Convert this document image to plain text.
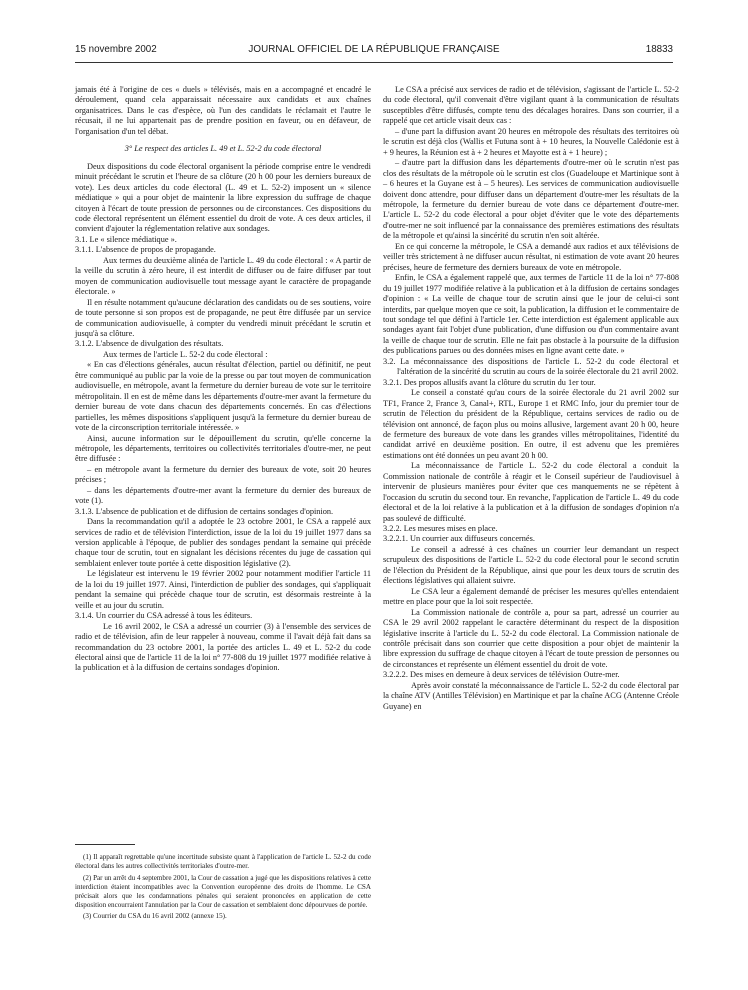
15 novembre 2002	JOURNAL OFFICIEL DE LA RÉPUBLIQUE FRANÇAISE	18833

jamais été à l'origine de ces « duels » télévisés, mais en a accompagné et encadré le déroulement, quand cela apparaissait nécessaire aux candidats et aux chaînes organisatrices. Dans le cas d'espèce, où l'un des candidats le réclamait et l'autre le récusait, il ne lui appartenait pas de prendre position en faveur, ou en défaveur, de l'organisation d'un tel débat.

3° Le respect des articles L. 49 et L. 52-2 du code électoral

Deux dispositions du code électoral organisent la période comprise entre le vendredi minuit précédant le scrutin et l'heure de sa clôture (20 h 00 pour les derniers bureaux de vote). Les deux articles du code électoral (L. 49 et L. 52-2) imposent un « silence médiatique » qui a pour objet de maintenir la libre expression du suffrage de chaque citoyen à l'écart de toute pression de personnes ou de circonstances. Ces dispositions du code électoral représentent un élément essentiel du droit de vote. A ces deux articles, il convient d'ajouter la réglementation relative aux sondages.

3.1. Le « silence médiatique ».

3.1.1. L'absence de propos de propagande.

Aux termes du deuxième alinéa de l'article L. 49 du code électoral : « A partir de la veille du scrutin à zéro heure, il est interdit de diffuser ou de faire diffuser par tout moyen de communication audiovisuelle tout message ayant le caractère de propagande électorale. »

Il en résulte notamment qu'aucune déclaration des candidats ou de ses soutiens, voire de toute personne si son propos est de propagande, ne peut être diffusée par un service de communication audiovisuelle, à compter du vendredi minuit précédant le scrutin et jusqu'à sa clôture.

3.1.2. L'absence de divulgation des résultats.

Aux termes de l'article L. 52-2 du code électoral :

« En cas d'élections générales, aucun résultat d'élection, partiel ou définitif, ne peut être communiqué au public par la voie de la presse ou par tout moyen de communication audiovisuelle, en métropole, avant la fermeture du dernier bureau de vote sur le territoire métropolitain. Il en est de même dans les départements d'outre-mer avant la fermeture du dernier bureau de vote dans chacun des départements concernés. En cas d'élections partielles, les mêmes dispositions s'appliquent jusqu'à la fermeture du dernier bureau de vote de la circonscription territoriale intéressée. »

Ainsi, aucune information sur le dépouillement du scrutin, qu'elle concerne la métropole, les départements, territoires ou collectivités territoriales d'outre-mer, ne peut être diffusée :

– en métropole avant la fermeture du dernier des bureaux de vote, soit 20 heures précises ;

– dans les départements d'outre-mer avant la fermeture du dernier des bureaux de vote (1).

3.1.3. L'absence de publication et de diffusion de certains sondages d'opinion.

Dans la recommandation qu'il a adoptée le 23 octobre 2001, le CSA a rappelé aux services de radio et de télévision l'interdiction, issue de la loi du 19 juillet 1977 dans sa version applicable à l'époque, de publier des sondages pendant la semaine qui précède chaque tour de scrutin, tout en signalant les décisions récentes du juge de cassation qui semblaient enlever toute portée à cette disposition législative (2).

Le législateur est intervenu le 19 février 2002 pour notamment modifier l'article 11 de la loi du 19 juillet 1977. Ainsi, l'interdiction de publier des sondages, qui s'appliquait pendant la semaine qui précède chaque tour de scrutin, est désormais restreinte à la veille et au jour du scrutin.

3.1.4. Un courrier du CSA adressé à tous les éditeurs.

Le 16 avril 2002, le CSA a adressé un courrier (3) à l'ensemble des services de radio et de télévision, afin de leur rappeler à nouveau, comme il l'avait déjà fait dans sa recommandation du 23 octobre 2001, la portée des articles L. 49 et L. 52-2 du code électoral ainsi que de l'article 11 de la loi n° 77-808 du 19 juillet 1977 modifiée relative à la publication et à la diffusion de certains sondages d'opinion.

Le CSA a précisé aux services de radio et de télévision, s'agissant de l'article L. 52-2 du code électoral, qu'il convenait d'être vigilant quant à la communication de résultats susceptibles d'être diffusés, compte tenu des décalages horaires. Dans son courrier, il a rappelé que cet article visait deux cas :

– d'une part la diffusion avant 20 heures en métropole des résultats des territoires où le scrutin est déjà clos (Wallis et Futuna sont à + 10 heures, la Nouvelle Calédonie est à + 9 heures, la Réunion est à + 2 heures et Mayotte est à + 1 heure) ;

– d'autre part la diffusion dans les départements d'outre-mer où le scrutin n'est pas clos des résultats de la métropole où le scrutin est clos (Guadeloupe et Martinique sont à – 6 heures et la Guyane est à – 5 heures). Les services de communication audiovisuelle doivent donc attendre, pour diffuser dans un département d'outre-mer les résultats de la métropole, la fermeture du dernier bureau de vote dans ce département d'outre-mer. L'article L. 52-2 du code électoral a pour objet d'éviter que le vote des départements d'outre-mer ne soit influencé par la connaissance des premières estimations des résultats de la métropole et qu'ainsi la sincérité du scrutin n'en soit altérée.

En ce qui concerne la métropole, le CSA a demandé aux radios et aux télévisions de veiller très strictement à ne diffuser aucun résultat, ni estimation de vote avant 20 heures précises, heure de fermeture des derniers bureaux de vote en métropole.

Enfin, le CSA a également rappelé que, aux termes de l'article 11 de la loi n° 77-808 du 19 juillet 1977 modifiée relative à la publication et à la diffusion de certains sondages d'opinion : « La veille de chaque tour de scrutin ainsi que le jour de celui-ci sont interdits, par quelque moyen que ce soit, la publication, la diffusion et le commentaire de tout sondage tel que défini à l'article 1er. Cette interdiction est également applicable aux sondages ayant fait l'objet d'une publication, d'une diffusion ou d'un commentaire avant la veille de chaque tour de scrutin. Elle ne fait pas obstacle à la poursuite de la diffusion des publications parues ou des données mises en ligne avant cette date. »

3.2. La méconnaissance des dispositions de l'article L. 52-2 du code électoral et l'altération de la sincérité du scrutin au cours de la soirée électorale du 21 avril 2002.

3.2.1. Des propos allusifs avant la clôture du scrutin du 1er tour.

Le conseil a constaté qu'au cours de la soirée électorale du 21 avril 2002 sur TF1, France 2, France 3, Canal+, RTL, Europe 1 et RMC Info, jour du premier tour de scrutin de l'élection du président de la République, certains services de radio ou de télévision ont annoncé, de façon plus ou moins allusive, largement avant 20 h 00, heure de fermeture des bureaux de vote dans les grandes villes métropolitaines, l'identité du candidat arrivé en deuxième position. En outre, il est advenu que les premières estimations ont été données un peu avant 20 h 00.

La méconnaissance de l'article L. 52-2 du code électoral a conduit la Commission nationale de contrôle à réagir et le Conseil supérieur de l'audiovisuel à intervenir de plusieurs manières pour éviter que ces manquements ne se répètent à l'occasion du scrutin du second tour. En revanche, l'application de l'article L. 49 du code électoral et de la loi relative à la publication et à la diffusion de sondages d'opinion n'a pas soulevé de difficulté.

3.2.2. Les mesures mises en place.

3.2.2.1. Un courrier aux diffuseurs concernés.

Le conseil a adressé à ces chaînes un courrier leur demandant un respect scrupuleux des dispositions de l'article L. 52-2 du code électoral pour le second scrutin de l'élection du Président de la République, ainsi que pour les deux tours de scrutin des élections législatives qui allaient suivre.

Le CSA leur a également demandé de préciser les mesures qu'elles entendaient mettre en place pour que la loi soit respectée.

La Commission nationale de contrôle a, pour sa part, adressé un courrier au CSA le 29 avril 2002 rappelant le caractère déterminant du respect de la disposition législative inscrite à l'article du L. 52-2 du code électoral. La Commission nationale de contrôle précisait dans son courrier que cette disposition a pour objet de maintenir la libre expression du suffrage de chaque citoyen à l'écart de toute pression de personnes ou de circonstances et représente un élément essentiel du droit de vote.

3.2.2.2. Des mises en demeure à deux services de télévision Outre-mer.

Après avoir constaté la méconnaissance de l'article L. 52-2 du code électoral par la chaîne ATV (Antilles Télévision) en Martinique et par la chaîne ACG (Antenne Créole Guyane) en

(1) Il apparaît regrettable qu'une incertitude subsiste quant à l'application de l'article L. 52-2 du code électoral dans les autres collectivités territoriales d'outre-mer.

(2) Par un arrêt du 4 septembre 2001, la Cour de cassation a jugé que les dispositions relatives à cette interdiction étaient incompatibles avec la Convention européenne des droits de l'homme. Le CSA précisait alors que les condamnations pénales qui seraient prononcées en application de cette disposition encourraient l'annulation par la Cour de cassation et semblaient donc dépourvues de portée.

(3) Courrier du CSA du 16 avril 2002 (annexe 15).
